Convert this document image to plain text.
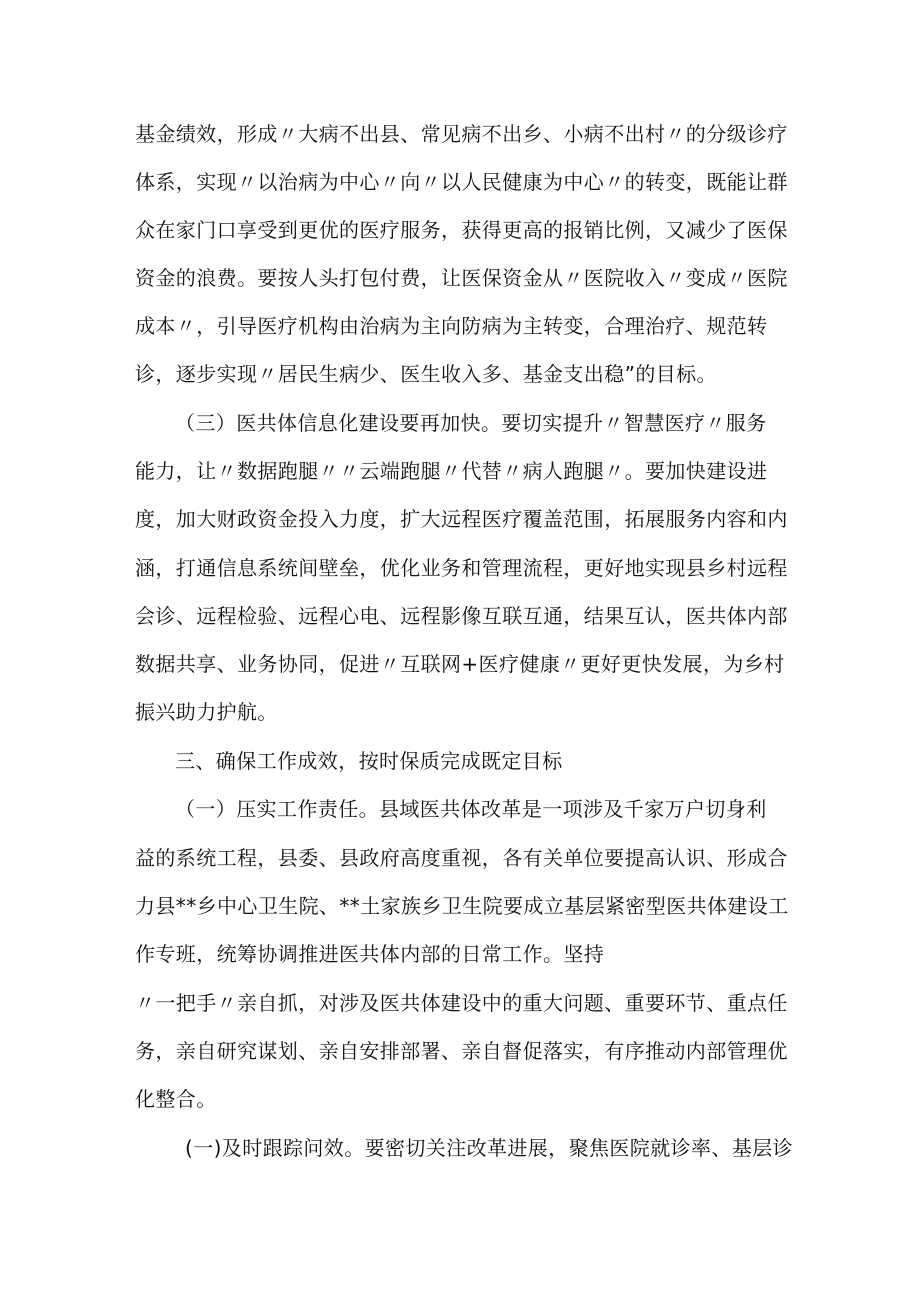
基金绩效，形成〃大病不出县、常见病不出乡、小病不出村〃的分级诊疗
体系，实现〃以治病为中心〃向〃以人民健康为中心〃的转变，既能让群
众在家门口享受到更优的医疗服务，获得更高的报销比例，又减少了医保
资金的浪费。要按人头打包付费，让医保资金从〃医院收入〃变成〃医院
成本〃，引导医疗机构由治病为主向防病为主转变，合理治疗、规范转
诊，逐步实现〃居民生病少、医生收入多、基金支出稳”的目标。
（三）医共体信息化建设要再加快。要切实提升〃智慧医疗〃服务
能力，让〃数据跑腿〃〃云端跑腿〃代替〃病人跑腿〃。要加快建设进
度，加大财政资金投入力度，扩大远程医疗覆盖范围，拓展服务内容和内
涵，打通信息系统间壁垒，优化业务和管理流程，更好地实现县乡村远程
会诊、远程检验、远程心电、远程影像互联互通，结果互认，医共体内部
数据共享、业务协同，促进〃互联网+医疗健康〃更好更快发展，为乡村
振兴助力护航。
三、确保工作成效，按时保质完成既定目标
（一）压实工作责任。县域医共体改革是一项涉及千家万户切身利
益的系统工程，县委、县政府高度重视，各有关单位要提高认识、形成合
力县**乡中心卫生院、**土家族乡卫生院要成立基层紧密型医共体建设工
作专班，统筹协调推进医共体内部的日常工作。坚持
〃一把手〃亲自抓，对涉及医共体建设中的重大问题、重要环节、重点任
务，亲自研究谋划、亲自安排部署、亲自督促落实，有序推动内部管理优
化整合。
(一)及时跟踪问效。要密切关注改革进展，聚焦医院就诊率、基层诊
